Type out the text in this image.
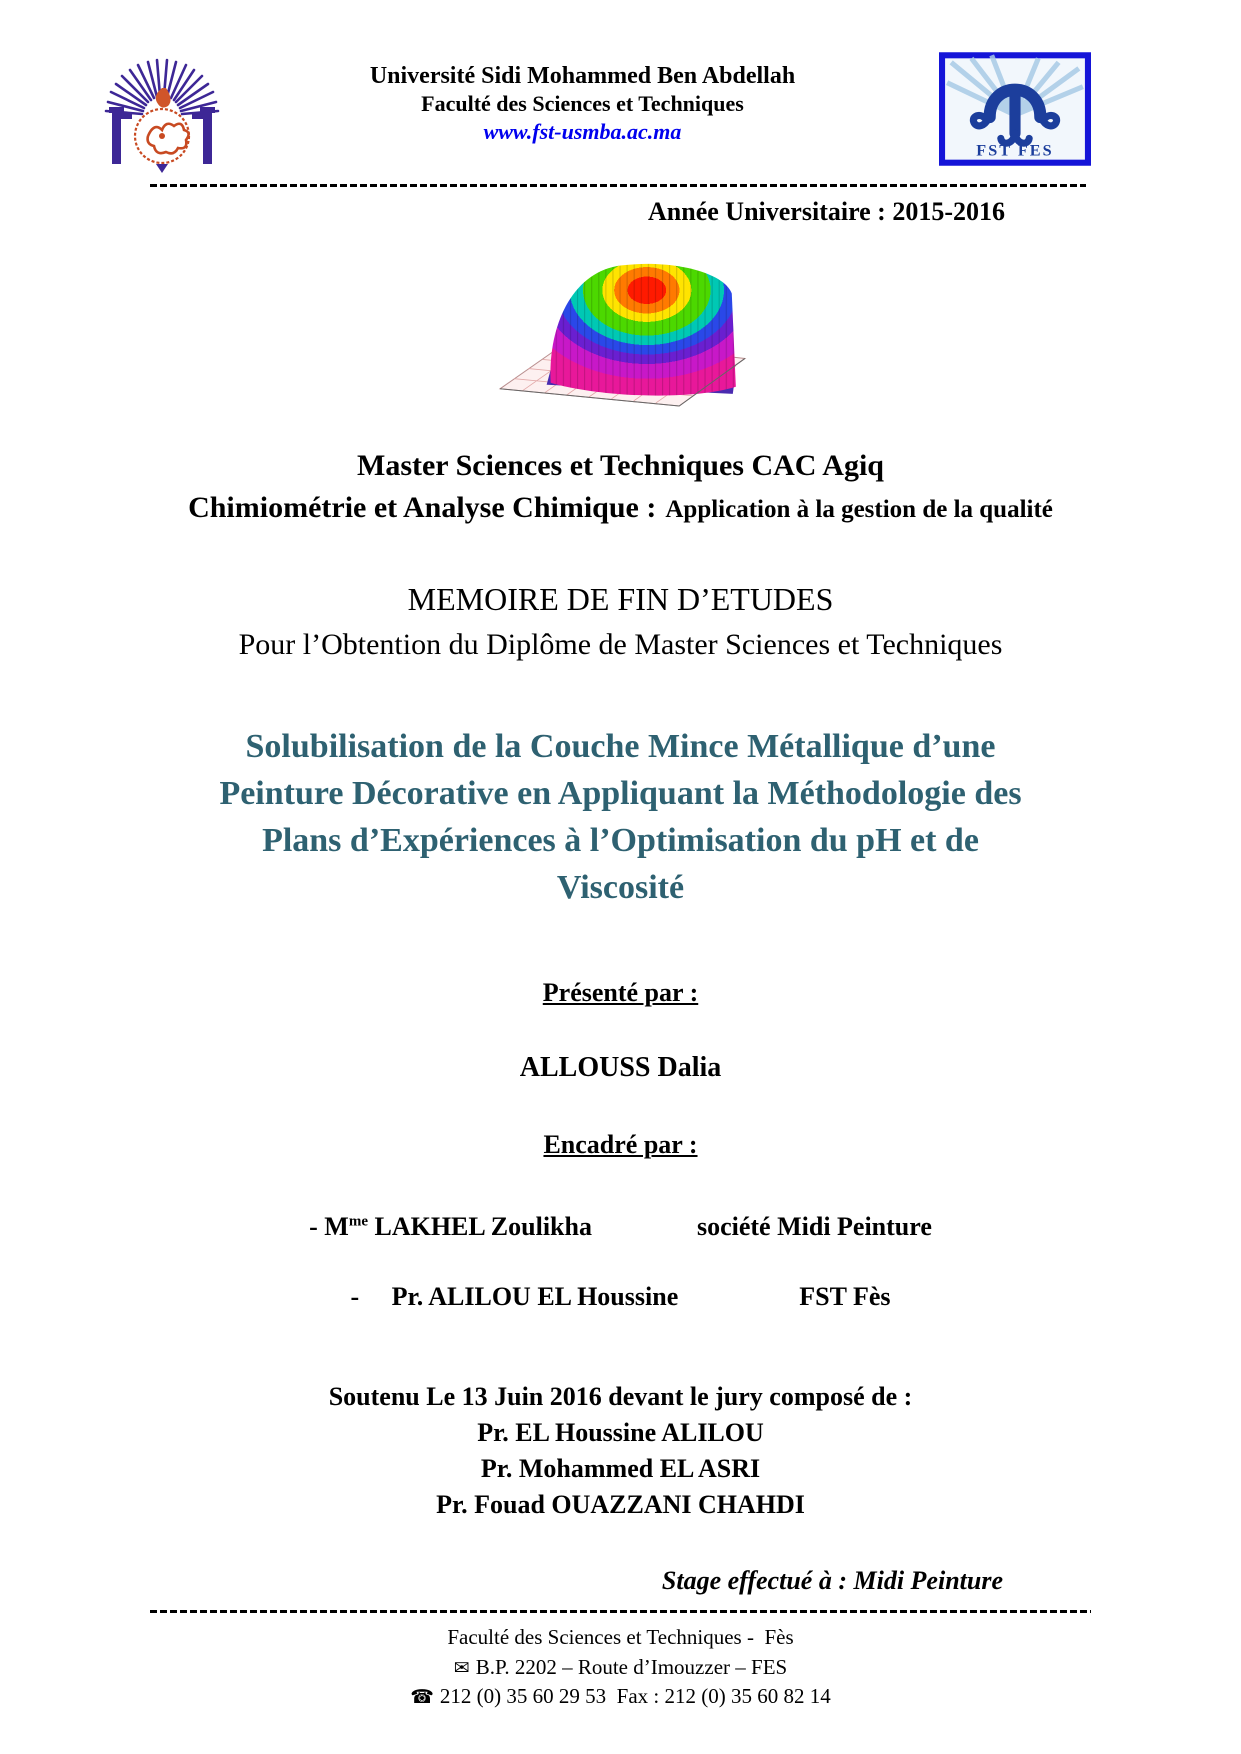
Université Sidi Mohammed Ben Abdellah
Faculté des Sciences et Techniques
www.fst-usmba.ac.ma
FST FES
Année Universitaire : 2015-2016
Master Sciences et Techniques CAC Agiq
Chimiométrie et Analyse Chimique : Application à la gestion de la qualité
MEMOIRE DE FIN D’ETUDES
Pour l’Obtention du Diplôme de Master Sciences et Techniques
Solubilisation de la Couche Mince Métallique d’une
Peinture Décorative en Appliquant la Méthodologie des
Plans d’Expériences à l’Optimisation du pH et de
Viscosité
Présenté par :
ALLOUSS Dalia
Encadré par :
- $M^{me}$ LAKHEL Zoulikha	société Midi Peinture
- Pr. ALILOU EL Houssine	FST Fès
Soutenu Le 13 Juin 2016 devant le jury composé de :
Pr. EL Houssine ALILOU
Pr. Mohammed EL ASRI
Pr. Fouad OUAZZANI CHAHDI
Stage effectué à : Midi Peinture
Faculté des Sciences et Techniques -  Fès
✉ B.P. 2202 – Route d’Imouzzer – FES
☎ 212 (0) 35 60 29 53  Fax : 212 (0) 35 60 82 14
